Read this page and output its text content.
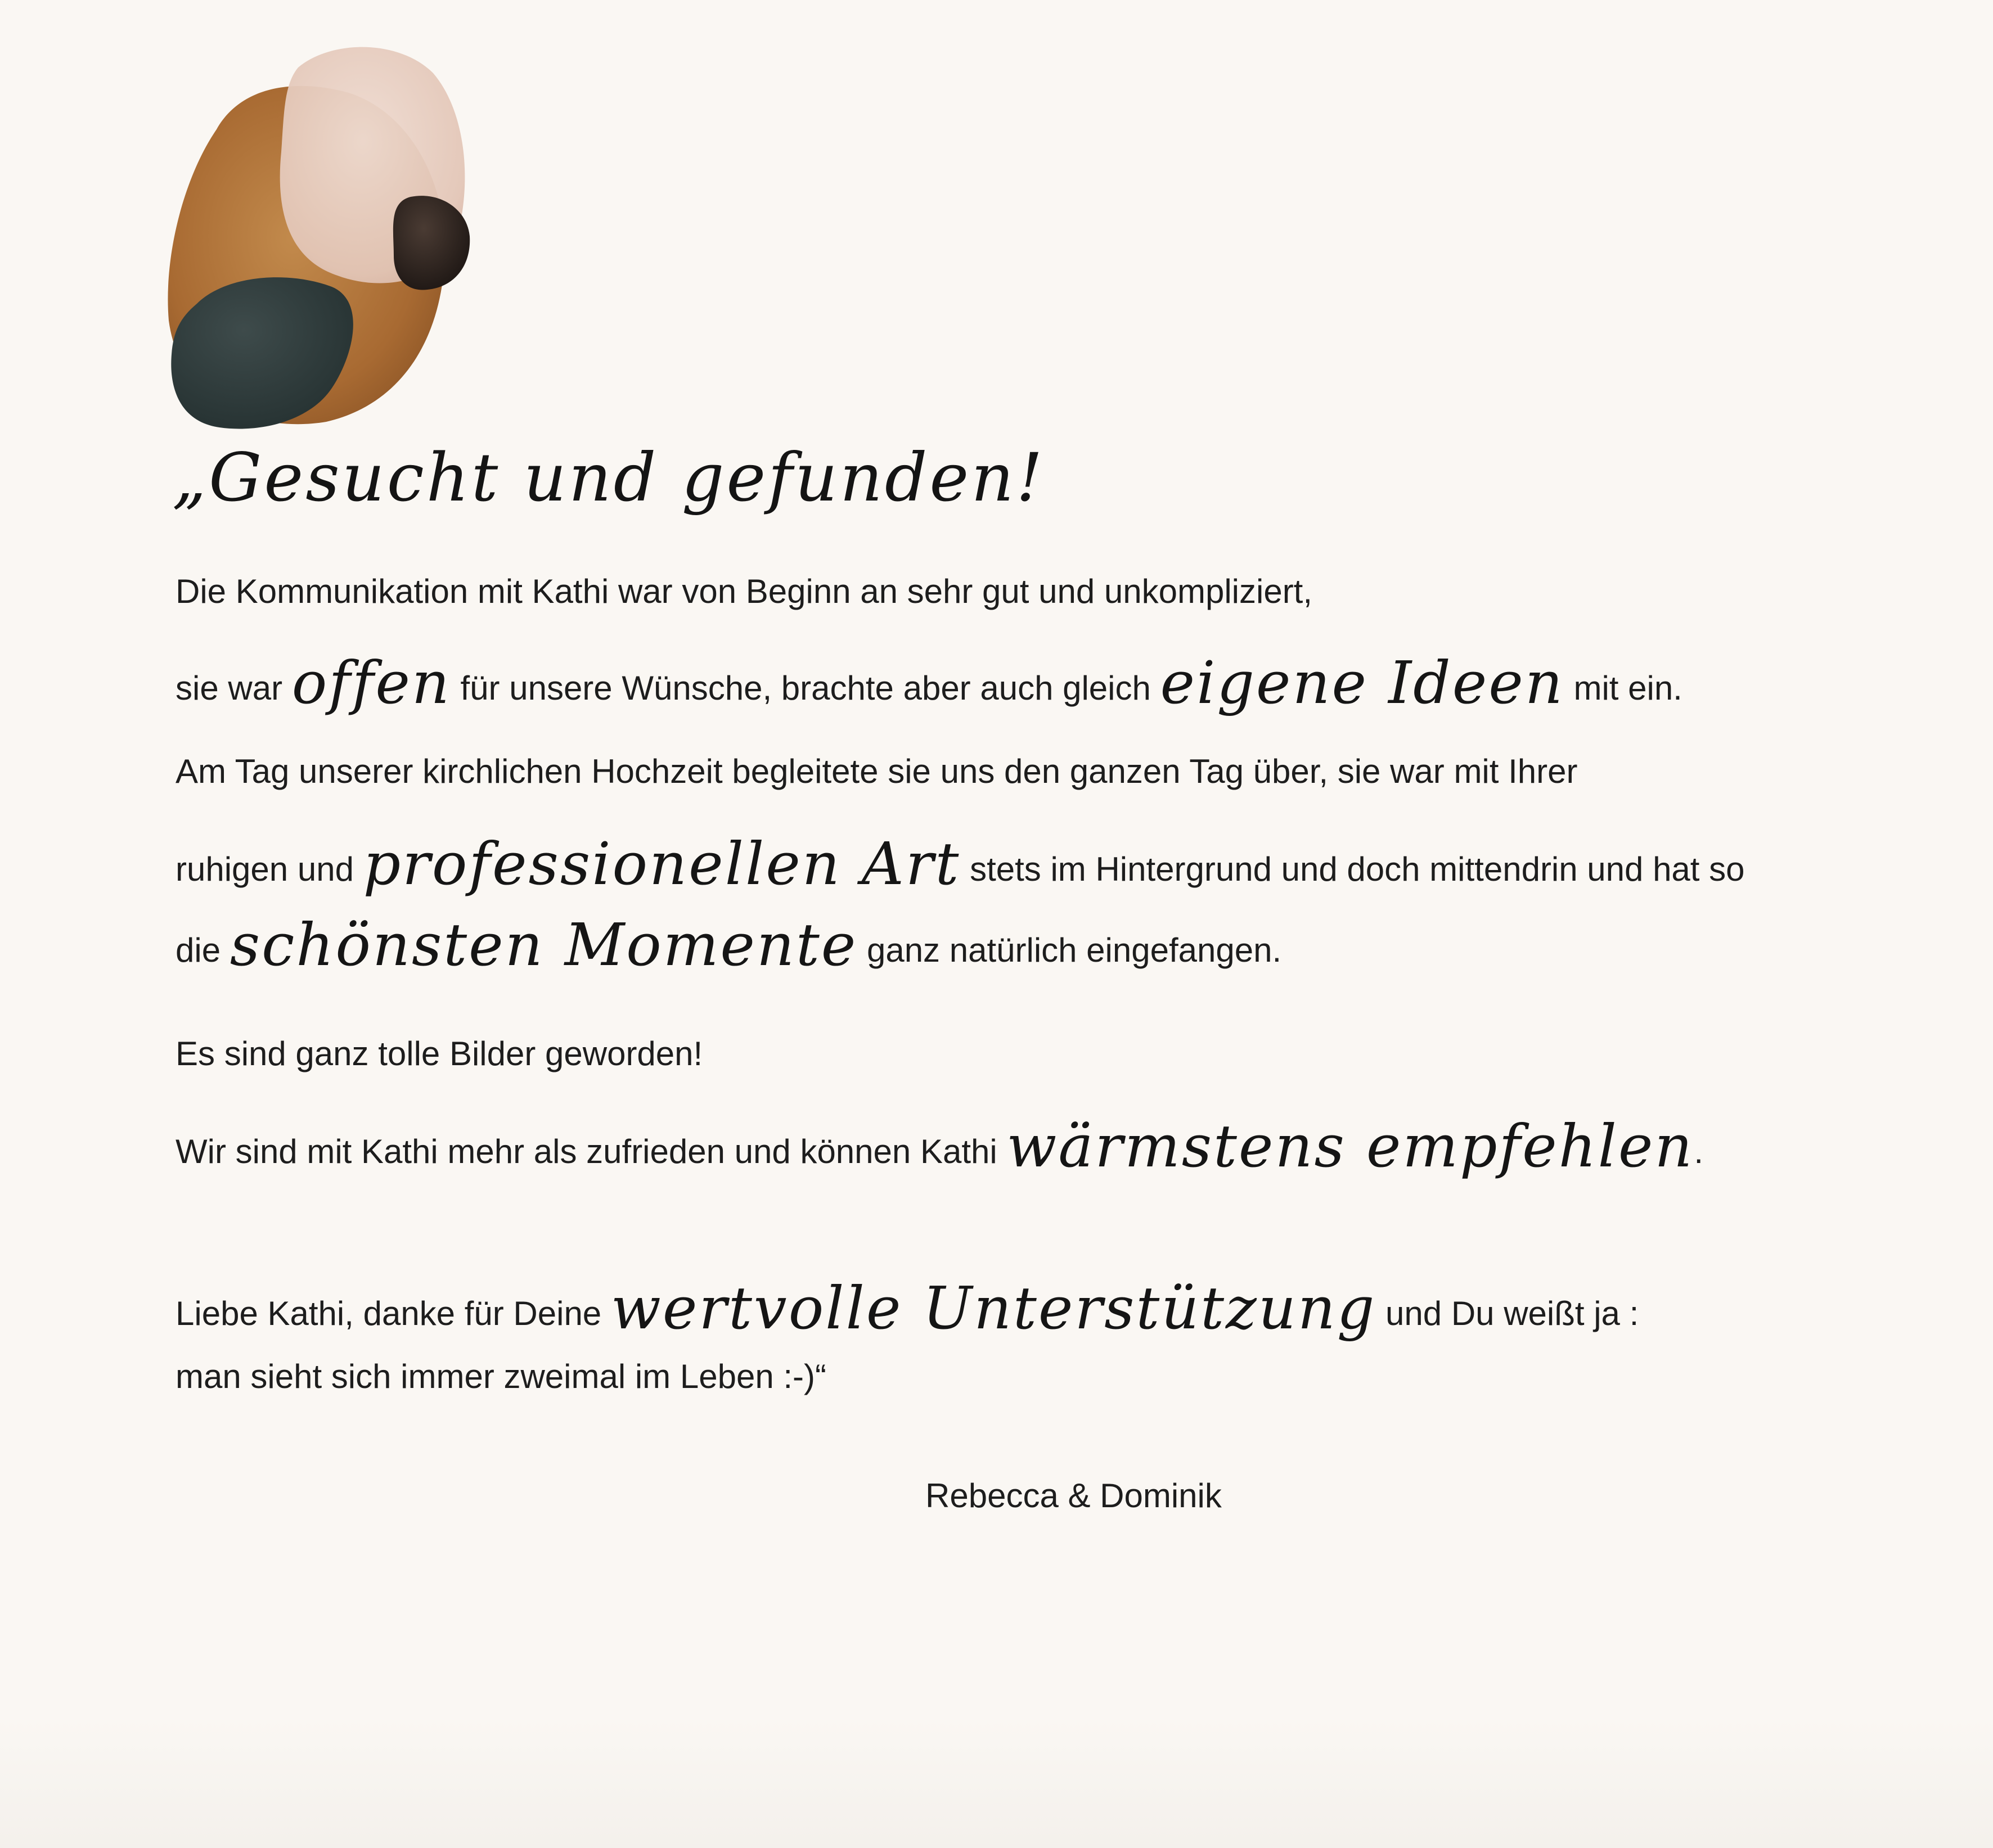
„Gesucht und gefunden!
Die Kommunikation mit Kathi war von Beginn an sehr gut und unkompliziert,
sie war offen für unsere Wünsche, brachte aber auch gleich eigene Ideen mit ein.
Am Tag unserer kirchlichen Hochzeit begleitete sie uns den ganzen Tag über, sie war mit Ihrer
ruhigen und professionellen Art stets im Hintergrund und doch mittendrin und hat so
die schönsten Momente ganz natürlich eingefangen.
Es sind ganz tolle Bilder geworden!
Wir sind mit Kathi mehr als zufrieden und können Kathi wärmstens empfehlen.
Liebe Kathi, danke für Deine wertvolle Unterstützung und Du weißt ja :
man sieht sich immer zweimal im Leben :-)“
Rebecca & Dominik
